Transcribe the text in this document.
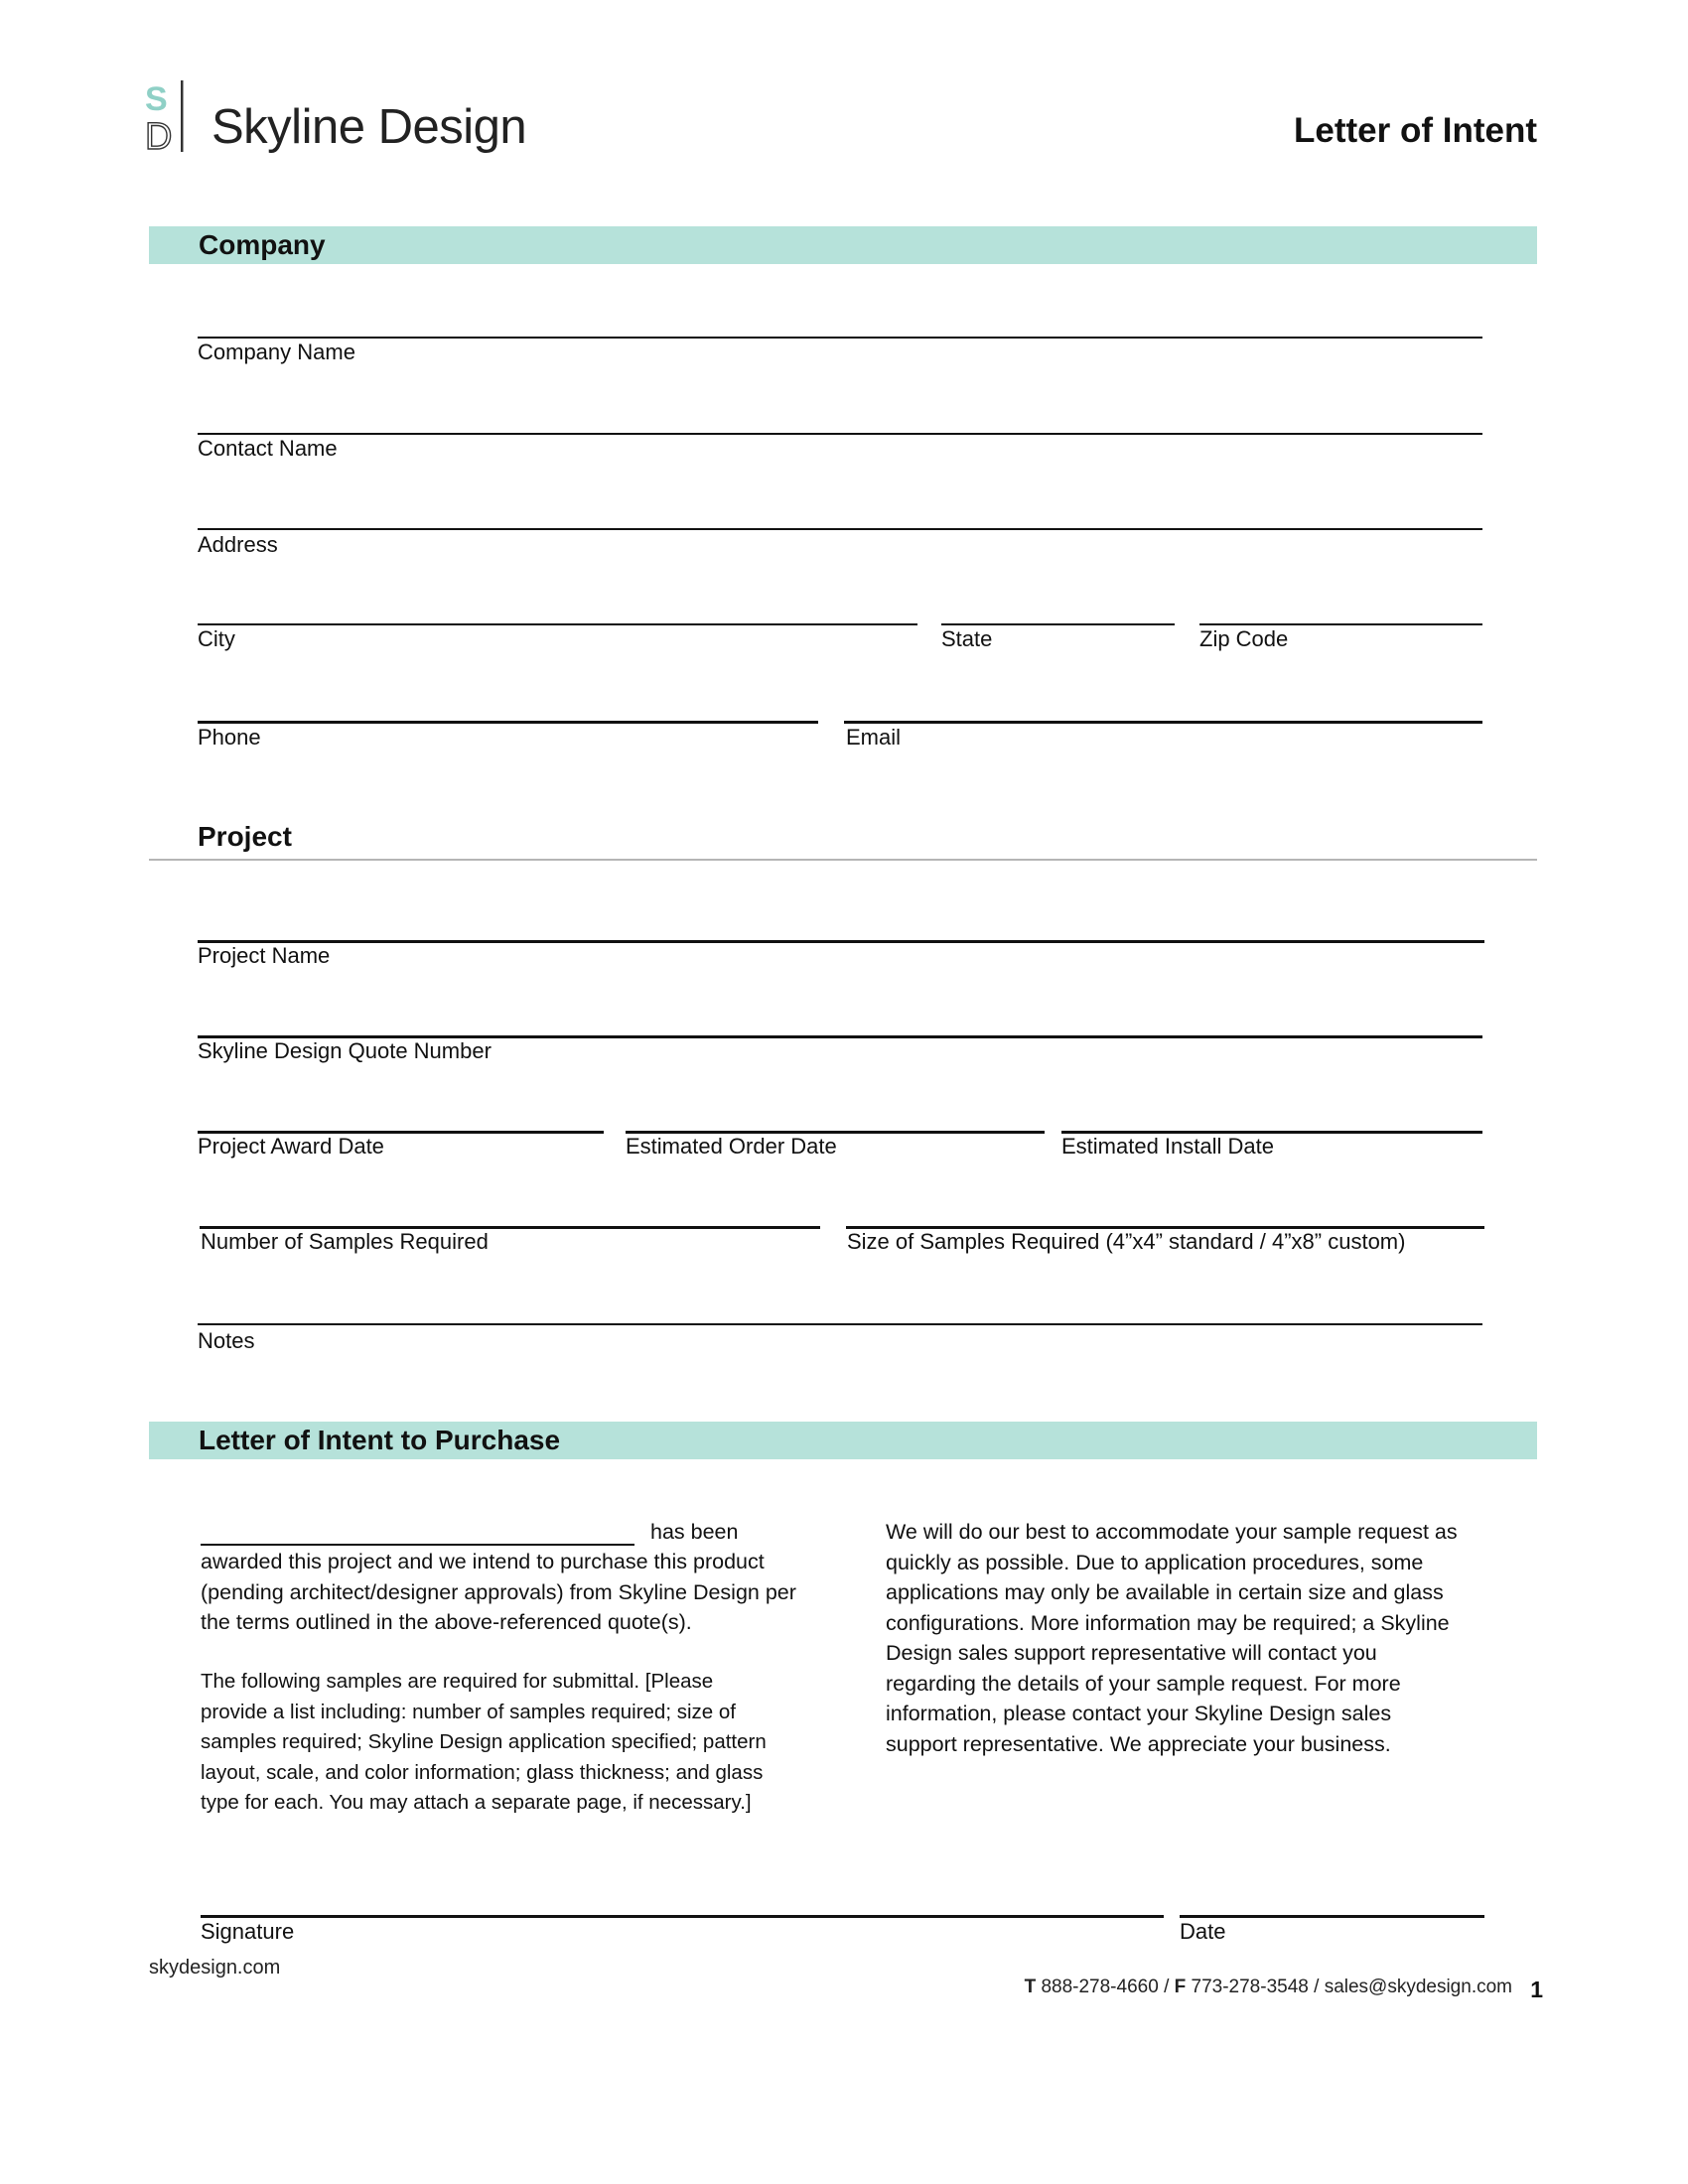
S
D Skyline Design	Letter of Intent
Company
Company Name
Contact Name
Address
City	State	Zip Code
Phone	Email
Project
Project Name
Skyline Design Quote Number
Project Award Date	Estimated Order Date	Estimated Install Date
Number of Samples Required	Size of Samples Required (4”x4” standard / 4”x8” custom)
Notes
Letter of Intent to Purchase
has been
awarded this project and we intend to purchase this product
(pending architect/designer approvals) from Skyline Design per
the terms outlined in the above-referenced quote(s).
The following samples are required for submittal. [Please
provide a list including: number of samples required; size of
samples required; Skyline Design application specified; pattern
layout, scale, and color information; glass thickness; and glass
type for each. You may attach a separate page, if necessary.]
We will do our best to accommodate your sample request as
quickly as possible. Due to application procedures, some
applications may only be available in certain size and glass
configurations. More information may be required; a Skyline
Design sales support representative will contact you
regarding the details of your sample request. For more
information, please contact your Skyline Design sales
support representative. We appreciate your business.
Signature	Date
skydesign.com
T 888-278-4660 / F 773-278-3548 / sales@skydesign.com 1
